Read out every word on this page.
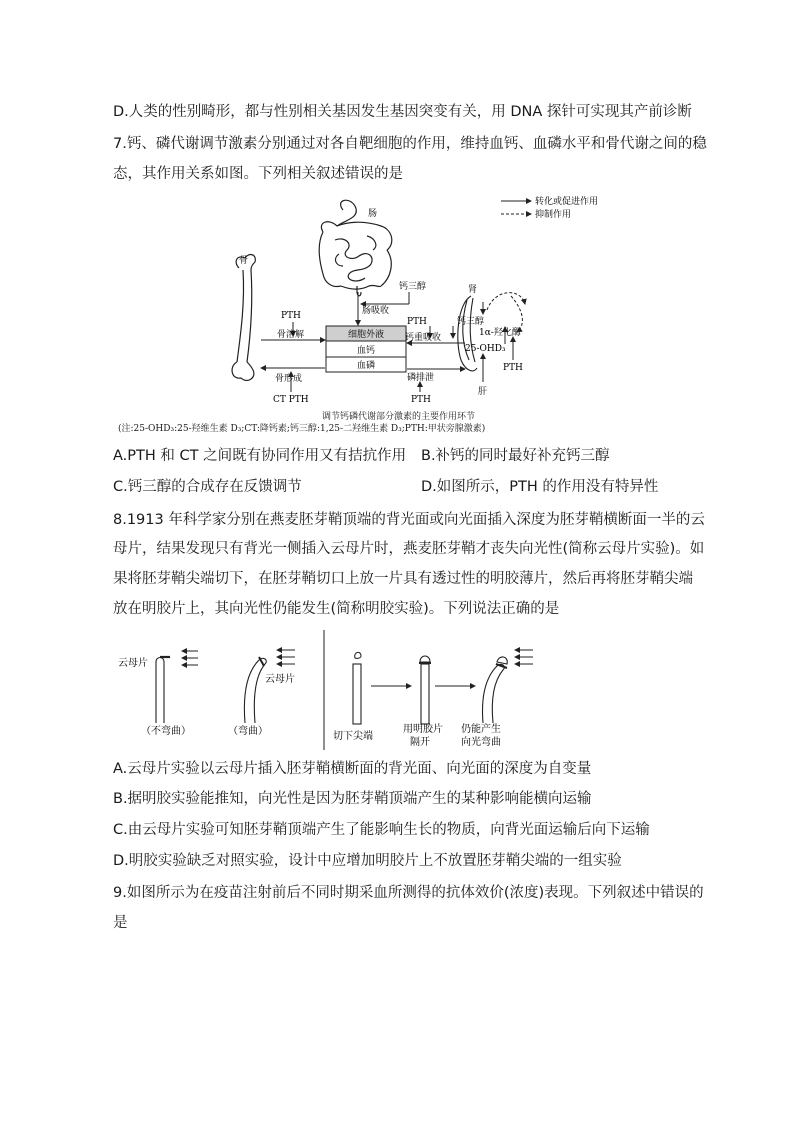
D.人类的性别畸形，都与性别相关基因发生基因突变有关，用 DNA 探针可实现其产前诊断
7.钙、磷代谢调节激素分别通过对各自靶细胞的作用，维持血钙、血磷水平和骨代谢之间的稳
态，其作用关系如图。下列相关叙述错误的是
转化或促进作用
抑制作用
肠
骨
细胞外液
血钙
血磷
肠吸收
钙三醇
PTH
骨溶解
骨形成
CT PTH
PTH
钙重吸收
磷排泄
PTH
肾
钙三醇
1α-羟化酶
25-OHD₃
PTH
肝
调节钙磷代谢部分激素的主要作用环节
(注:25-OHD₃:25-羟维生素 D₃;CT:降钙素;钙三醇:1,25-二羟维生素 D₃;PTH:甲状旁腺激素)
A.PTH 和 CT 之间既有协同作用又有拮抗作用 B.补钙的同时最好补充钙三醇
C.钙三醇的合成存在反馈调节	D.如图所示，PTH 的作用没有特异性
8.1913 年科学家分别在燕麦胚芽鞘顶端的背光面或向光面插入深度为胚芽鞘横断面一半的云
母片，结果发现只有背光一侧插入云母片时，燕麦胚芽鞘才丧失向光性(简称云母片实验)。如
果将胚芽鞘尖端切下，在胚芽鞘切口上放一片具有透过性的明胶薄片，然后再将胚芽鞘尖端
放在明胶片上，其向光性仍能发生(简称明胶实验)。下列说法正确的是
云母片
（不弯曲）
云母片
（弯曲）	切下尖端
用明胶片
隔开
仍能产生
向光弯曲
A.云母片实验以云母片插入胚芽鞘横断面的背光面、向光面的深度为自变量
B.据明胶实验能推知，向光性是因为胚芽鞘顶端产生的某种影响能横向运输
C.由云母片实验可知胚芽鞘顶端产生了能影响生长的物质，向背光面运输后向下运输
D.明胶实验缺乏对照实验，设计中应增加明胶片上不放置胚芽鞘尖端的一组实验
9.如图所示为在疫苗注射前后不同时期采血所测得的抗体效价(浓度)表现。下列叙述中错误的
是
